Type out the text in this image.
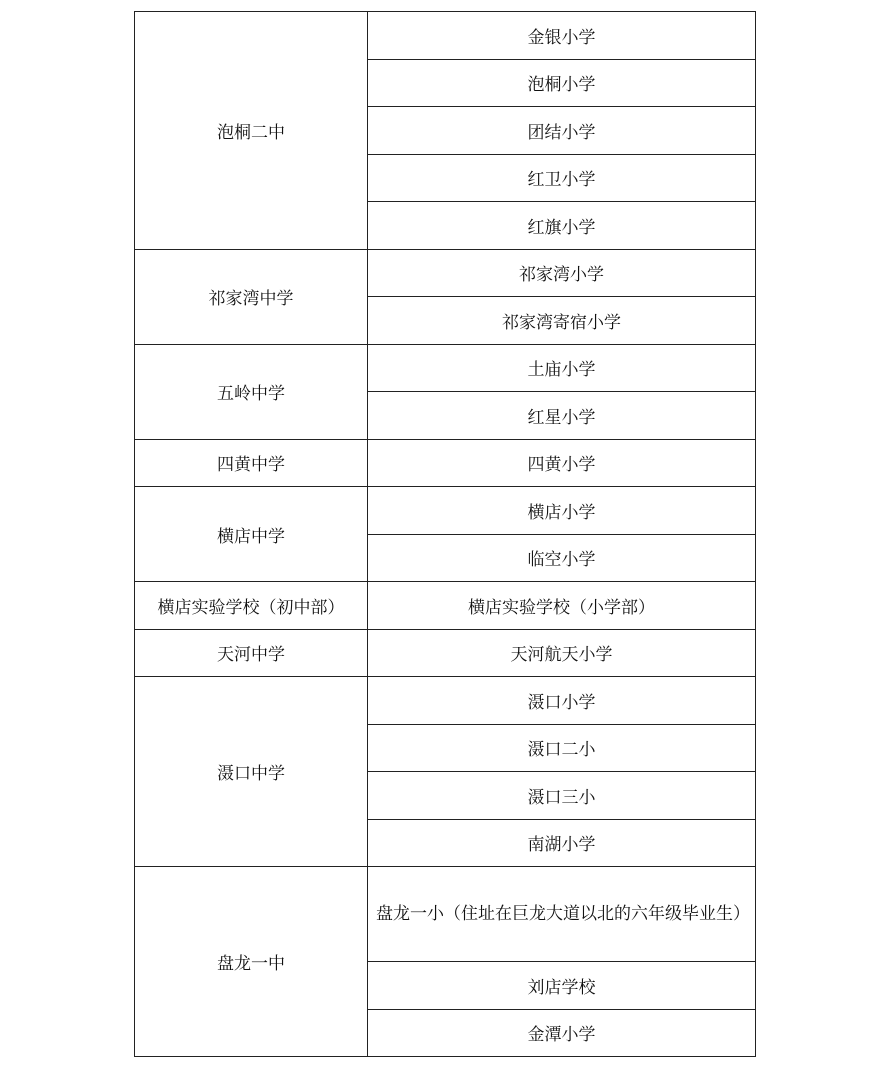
泡桐二中	金银小学
	泡桐小学
	团结小学
	红卫小学
	红旗小学
祁家湾中学	祁家湾小学
	祁家湾寄宿小学
五岭中学	土庙小学
	红星小学
四黄中学	四黄小学
横店中学	横店小学
	临空小学
横店实验学校（初中部）	横店实验学校（小学部）
天河中学	天河航天小学
滠口中学	滠口小学
	滠口二小
	滠口三小
	南湖小学
盘龙一中	盘龙一小（住址在巨龙大道以北的六年级毕业生）
	刘店学校
	金潭小学
